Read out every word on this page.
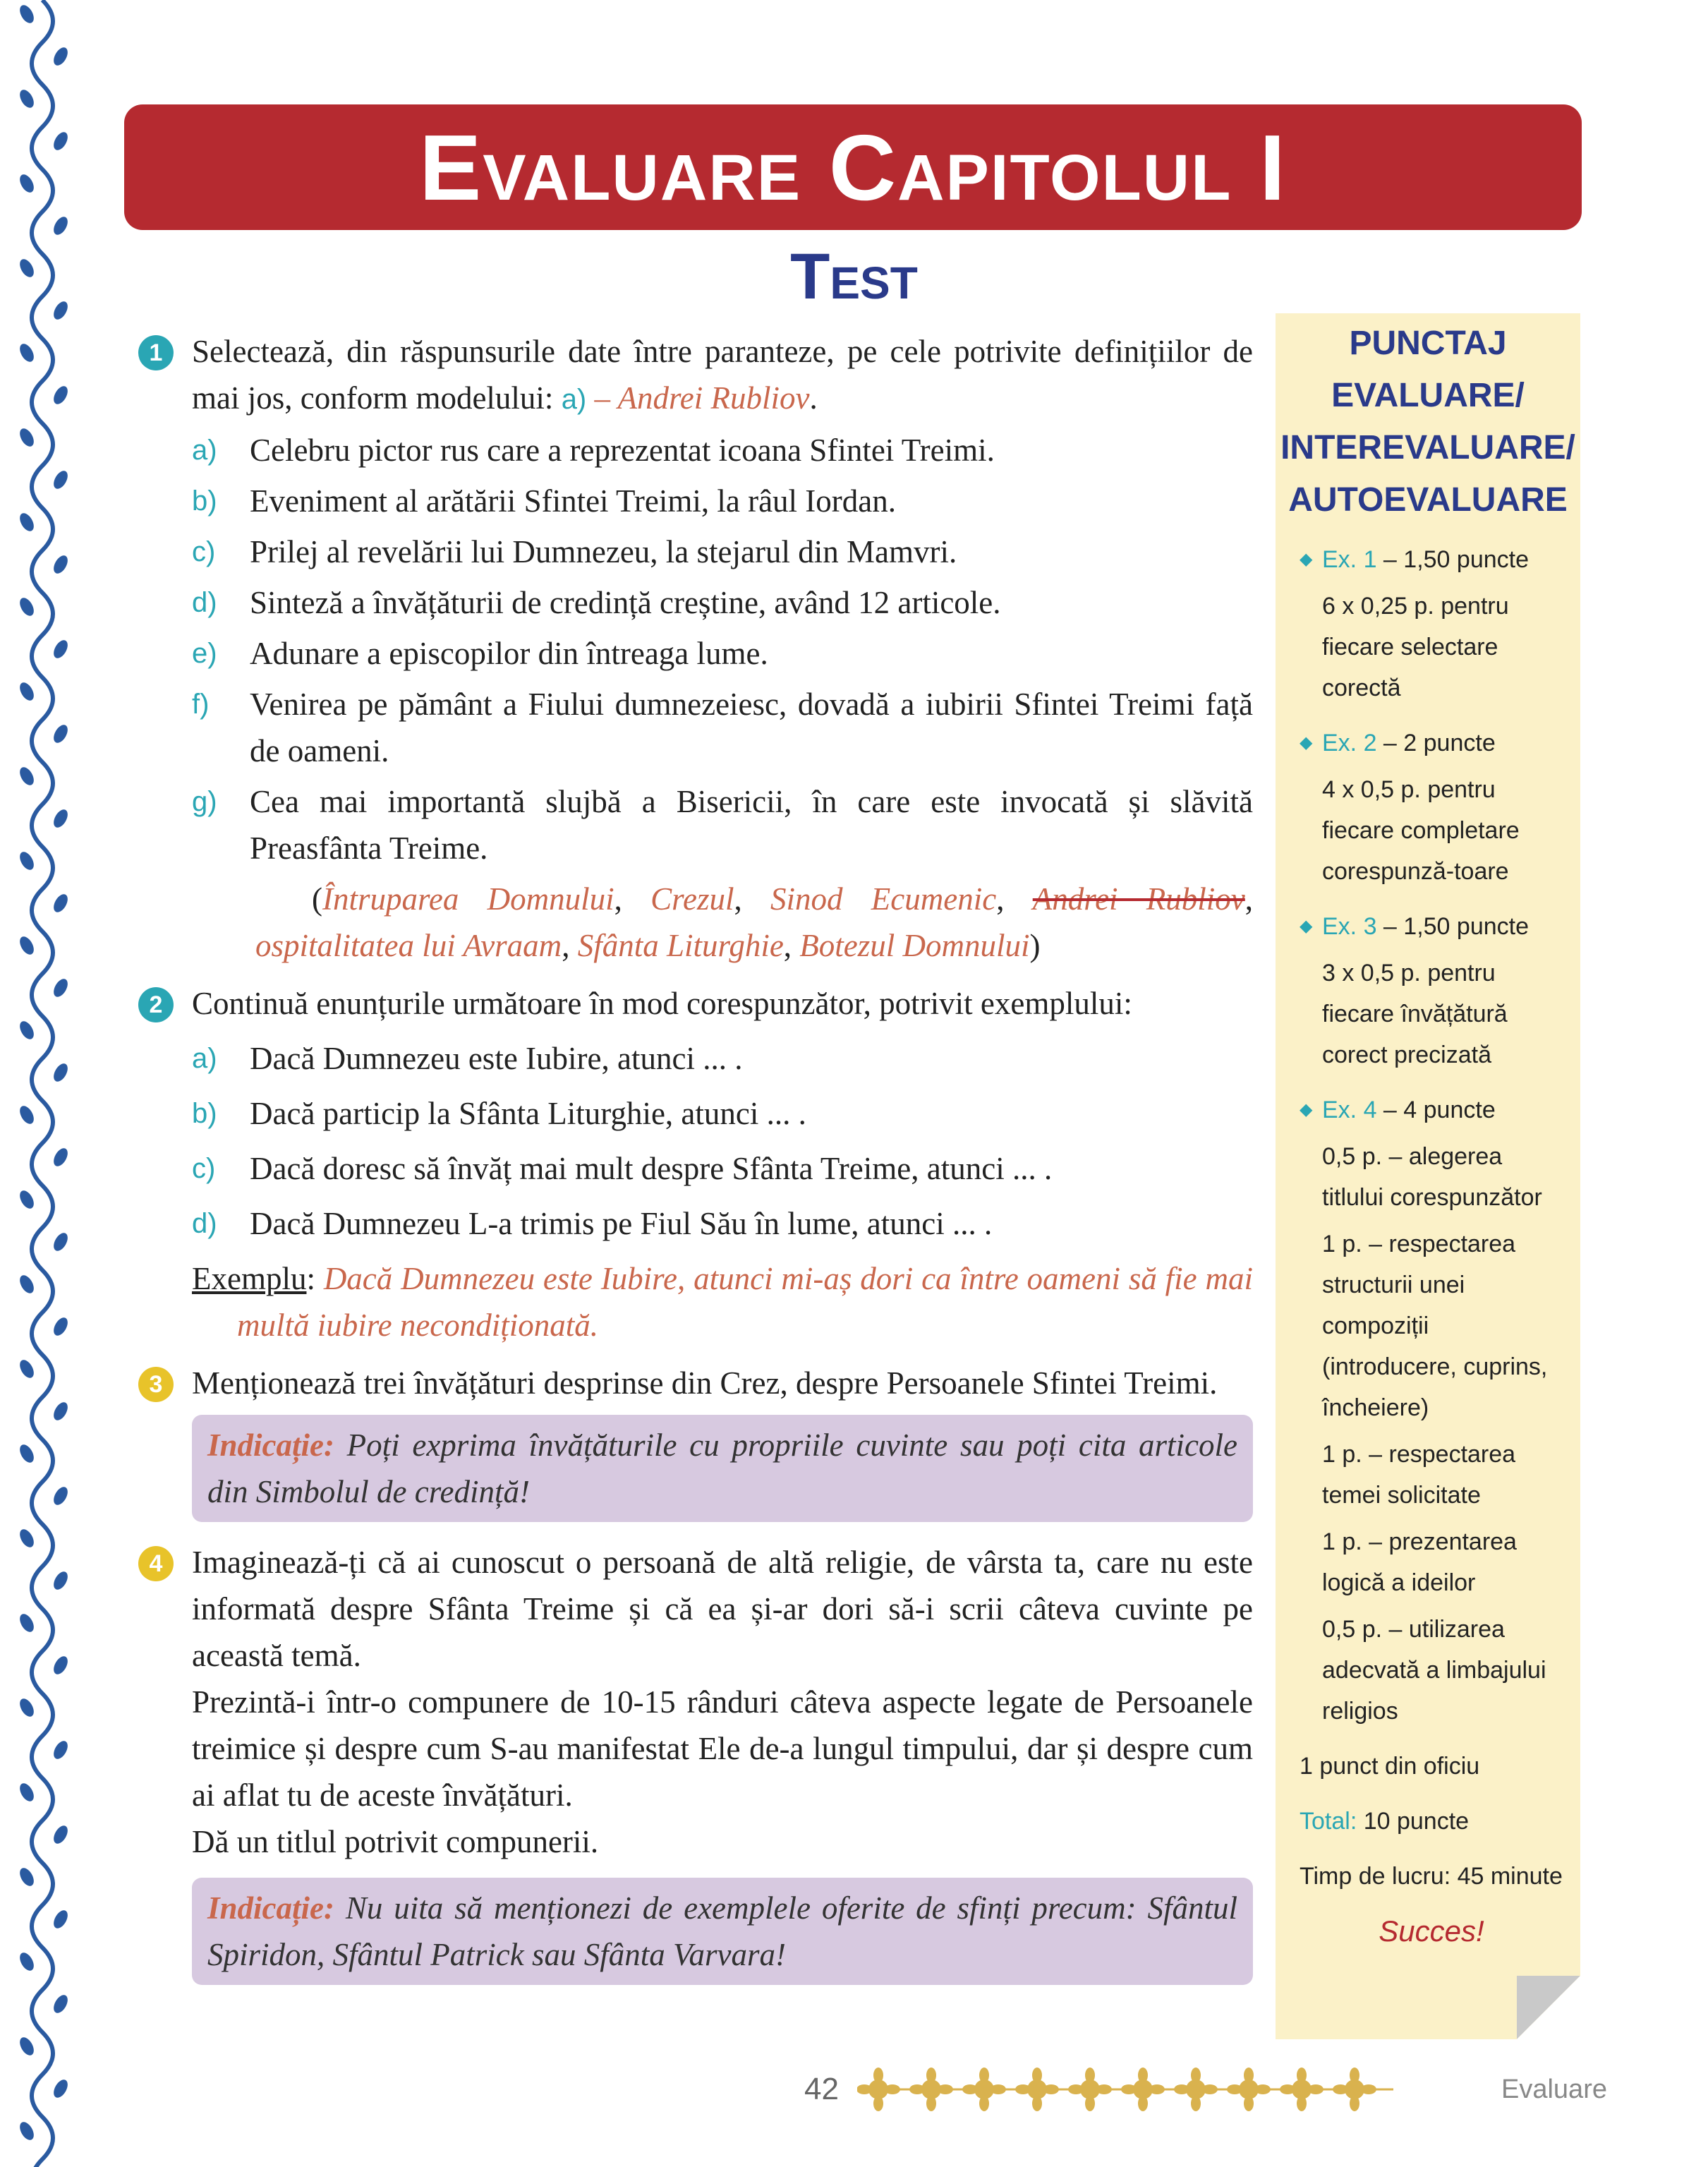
Evaluare Capitolul I
Test
1 Selectează, din răspunsurile date între paranteze, pe cele potrivite definițiilor de mai jos, conform modelului: a) – Andrei Rubliov.
a) Celebru pictor rus care a reprezentat icoana Sfintei Treimi.
b) Eveniment al arătării Sfintei Treimi, la râul Iordan.
c) Prilej al revelării lui Dumnezeu, la stejarul din Mamvri.
d) Sinteză a învățăturii de credință creștine, având 12 articole.
e) Adunare a episcopilor din întreaga lume.
f) Venirea pe pământ a Fiului dumnezeiesc, dovadă a iubirii Sfintei Treimi față de oameni.
g) Cea mai importantă slujbă a Bisericii, în care este invocată și slăvită Preasfânta Treime.
(Întruparea Domnului, Crezul, Sinod Ecumenic, Andrei Rubliov, ospitalitatea lui Avraam, Sfânta Liturghie, Botezul Domnului)
2 Continuă enunțurile următoare în mod corespunzător, potrivit exemplului:
a) Dacă Dumnezeu este Iubire, atunci ... .
b) Dacă particip la Sfânta Liturghie, atunci ... .
c) Dacă doresc să învăț mai mult despre Sfânta Treime, atunci ... .
d) Dacă Dumnezeu L-a trimis pe Fiul Său în lume, atunci ... .
Exemplu: Dacă Dumnezeu este Iubire, atunci mi-aș dori ca între oameni să fie mai multă iubire necondiționată.
3 Menționează trei învățături desprinse din Crez, despre Persoanele Sfintei Treimi.
Indicație: Poți exprima învățăturile cu propriile cuvinte sau poți cita articole din Simbolul de credință!
4 Imaginează-ți că ai cunoscut o persoană de altă religie, de vârsta ta, care nu este informată despre Sfânta Treime și că ea și-ar dori să-i scrii câteva cuvinte pe această temă.
Prezintă-i într-o compunere de 10-15 rânduri câteva aspecte legate de Persoanele treimice și despre cum S-au manifestat Ele de-a lungul timpului, dar și despre cum ai aflat tu de aceste învățături.
Dă un titlul potrivit compunerii.
Indicație: Nu uita să menționezi de exemplele oferite de sfinți precum: Sfântul Spiridon, Sfântul Patrick sau Sfânta Varvara!
PUNCTAJ
EVALUARE/
INTEREVALUARE/
AUTOEVALUARE
◆ Ex. 1 – 1,50 puncte
6 x 0,25 p. pentru fiecare selectare corectă
◆ Ex. 2 – 2 puncte
4 x 0,5 p. pentru fiecare completare corespunză-toare
◆ Ex. 3 – 1,50 puncte
3 x 0,5 p. pentru fiecare învățătură corect precizată
◆ Ex. 4 – 4 puncte
0,5 p. – alegerea titlului corespunzător
1 p. – respectarea structurii unei compoziții (introducere, cuprins, încheiere)
1 p. – respectarea temei solicitate
1 p. – prezentarea logică a ideilor
0,5 p. – utilizarea adecvată a limbajului religios
1 punct din oficiu
Total: 10 puncte
Timp de lucru: 45 minute
Succes!
42	Evaluare
